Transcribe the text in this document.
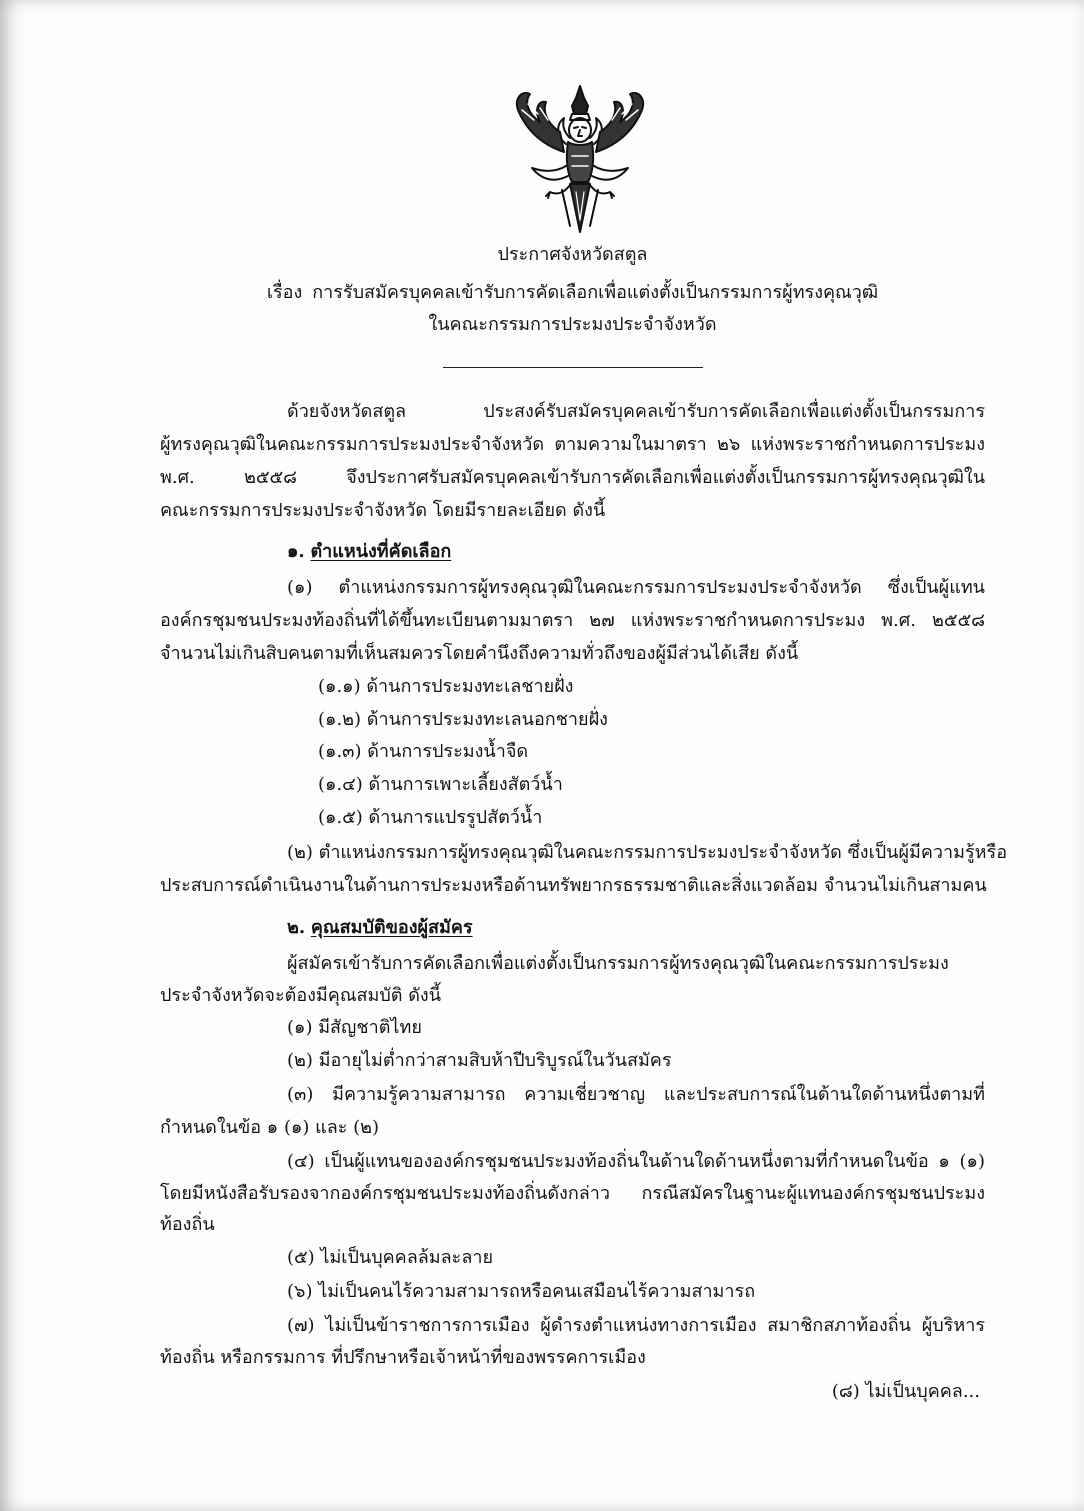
ประกาศจังหวัดสตูล
เรื่อง การรับสมัครบุคคลเข้ารับการคัดเลือกเพื่อแต่งตั้งเป็นกรรมการผู้ทรงคุณวุฒิ
ในคณะกรรมการประมงประจำจังหวัด
ด้วยจังหวัดสตูล ประสงค์รับสมัครบุคคลเข้ารับการคัดเลือกเพื่อแต่งตั้งเป็นกรรมการ
ผู้ทรงคุณวุฒิในคณะกรรมการประมงประจำจังหวัด ตามความในมาตรา ๒๖ แห่งพระราชกำหนดการประมง
พ.ศ. ๒๕๕๘ จึงประกาศรับสมัครบุคคลเข้ารับการคัดเลือกเพื่อแต่งตั้งเป็นกรรมการผู้ทรงคุณวุฒิใน
คณะกรรมการประมงประจำจังหวัด โดยมีรายละเอียด ดังนี้
๑. ตำแหน่งที่คัดเลือก
(๑) ตำแหน่งกรรมการผู้ทรงคุณวุฒิในคณะกรรมการประมงประจำจังหวัด ซึ่งเป็นผู้แทน
องค์กรชุมชนประมงท้องถิ่นที่ได้ขึ้นทะเบียนตามมาตรา ๒๗ แห่งพระราชกำหนดการประมง พ.ศ. ๒๕๕๘
จำนวนไม่เกินสิบคนตามที่เห็นสมควรโดยคำนึงถึงความทั่วถึงของผู้มีส่วนได้เสีย ดังนี้
(๑.๑) ด้านการประมงทะเลชายฝั่ง
(๑.๒) ด้านการประมงทะเลนอกชายฝั่ง
(๑.๓) ด้านการประมงน้ำจืด
(๑.๔) ด้านการเพาะเลี้ยงสัตว์น้ำ
(๑.๕) ด้านการแปรรูปสัตว์น้ำ
(๒) ตำแหน่งกรรมการผู้ทรงคุณวุฒิในคณะกรรมการประมงประจำจังหวัด ซึ่งเป็นผู้มีความรู้หรือ
ประสบการณ์ดำเนินงานในด้านการประมงหรือด้านทรัพยากรธรรมชาติและสิ่งแวดล้อม จำนวนไม่เกินสามคน
๒. คุณสมบัติของผู้สมัคร
ผู้สมัครเข้ารับการคัดเลือกเพื่อแต่งตั้งเป็นกรรมการผู้ทรงคุณวุฒิในคณะกรรมการประมง
ประจำจังหวัดจะต้องมีคุณสมบัติ ดังนี้
(๑) มีสัญชาติไทย
(๒) มีอายุไม่ต่ำกว่าสามสิบห้าปีบริบูรณ์ในวันสมัคร
(๓) มีความรู้ความสามารถ ความเชี่ยวชาญ และประสบการณ์ในด้านใดด้านหนึ่งตามที่
กำหนดในข้อ ๑ (๑) และ (๒)
(๔) เป็นผู้แทนขององค์กรชุมชนประมงท้องถิ่นในด้านใดด้านหนึ่งตามที่กำหนดในข้อ ๑ (๑)
โดยมีหนังสือรับรองจากองค์กรชุมชนประมงท้องถิ่นดังกล่าว กรณีสมัครในฐานะผู้แทนองค์กรชุมชนประมง
ท้องถิ่น
(๕) ไม่เป็นบุคคลล้มละลาย
(๖) ไม่เป็นคนไร้ความสามารถหรือคนเสมือนไร้ความสามารถ
(๗) ไม่เป็นข้าราชการการเมือง ผู้ดำรงตำแหน่งทางการเมือง สมาชิกสภาท้องถิ่น ผู้บริหาร
ท้องถิ่น หรือกรรมการ ที่ปรึกษาหรือเจ้าหน้าที่ของพรรคการเมือง
(๘) ไม่เป็นบุคคล...
